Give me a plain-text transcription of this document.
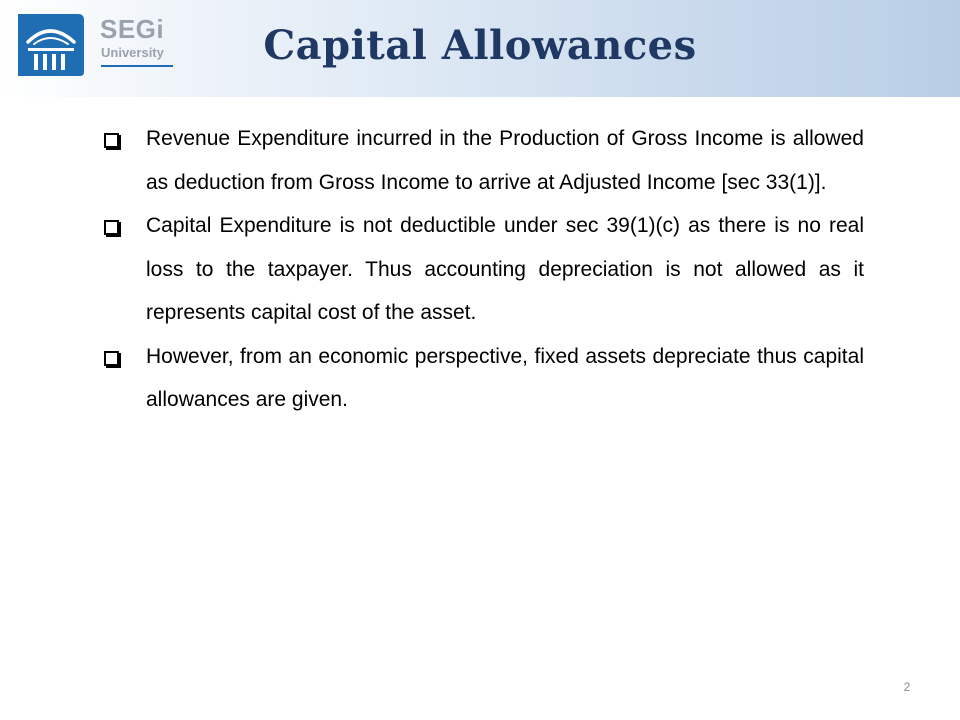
SEGi
University	Capital Allowances
Revenue Expenditure incurred in the Production of Gross Income is allowed as deduction from Gross Income to arrive at Adjusted Income [sec 33(1)].
Capital Expenditure is not deductible under sec 39(1)(c) as there is no real loss to the taxpayer. Thus accounting depreciation is not allowed as it represents capital cost of the asset.
However, from an economic perspective, fixed assets depreciate thus capital allowances are given.
2
